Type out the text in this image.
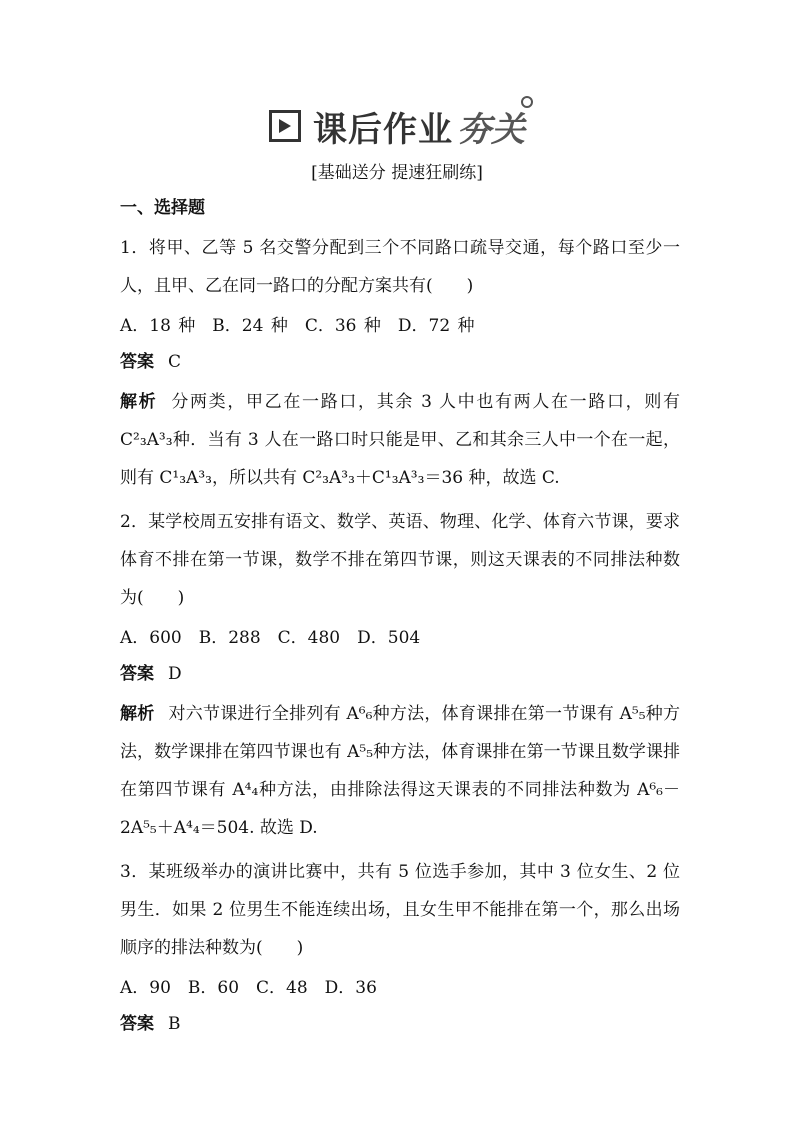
课后作业 夯关
[基础送分 提速狂刷练]

一、选择题

1．将甲、乙等 5 名交警分配到三个不同路口疏导交通，每个路口至少一人，且甲、乙在同一路口的分配方案共有(　　)

A．18 种　B．24 种　C．36 种　D．72 种

答案 C

解析 分两类，甲乙在一路口，其余 3 人中也有两人在一路口，则有 C²₃A³₃种．当有 3 人在一路口时只能是甲、乙和其余三人中一个在一起，则有 C¹₃A³₃，所以共有 C²₃A³₃＋C¹₃A³₃＝36 种，故选 C.

2．某学校周五安排有语文、数学、英语、物理、化学、体育六节课，要求体育不排在第一节课，数学不排在第四节课，则这天课表的不同排法种数为(　　)

A．600　B．288　C．480　D．504

答案 D

解析 对六节课进行全排列有 A⁶₆种方法，体育课排在第一节课有 A⁵₅种方法，数学课排在第四节课也有 A⁵₅种方法，体育课排在第一节课且数学课排在第四节课有 A⁴₄种方法，由排除法得这天课表的不同排法种数为 A⁶₆－2A⁵₅＋A⁴₄＝504. 故选 D.

3．某班级举办的演讲比赛中，共有 5 位选手参加，其中 3 位女生、2 位男生．如果 2 位男生不能连续出场，且女生甲不能排在第一个，那么出场顺序的排法种数为(　　)

A．90　B．60　C．48　D．36

答案 B
